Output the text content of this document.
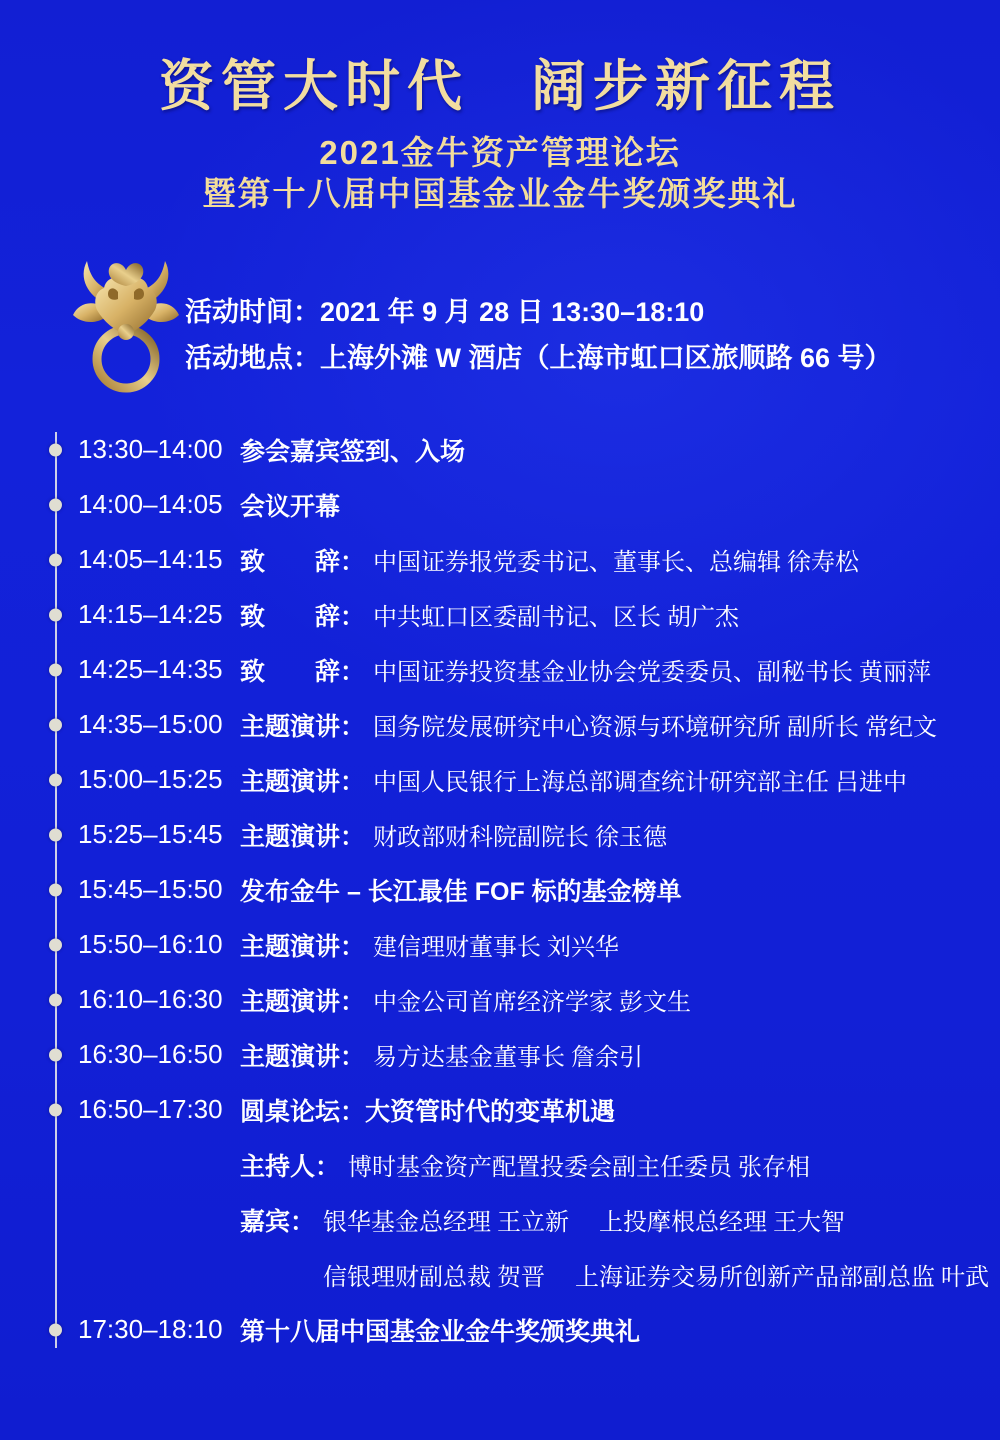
资管大时代　阔步新征程
2021金牛资产管理论坛
暨第十八届中国基金业金牛奖颁奖典礼
活动时间：2021 年 9 月 28 日 13:30–18:10
活动地点：上海外滩 W 酒店（上海市虹口区旅顺路 66 号）
13:30–14:00 参会嘉宾签到、入场
14:00–14:05 会议开幕
14:05–14:15 致　　辞： 中国证券报党委书记、董事长、总编辑 徐寿松
14:15–14:25 致　　辞： 中共虹口区委副书记、区长 胡广杰
14:25–14:35 致　　辞： 中国证券投资基金业协会党委委员、副秘书长 黄丽萍
14:35–15:00 主题演讲： 国务院发展研究中心资源与环境研究所 副所长 常纪文
15:00–15:25 主题演讲： 中国人民银行上海总部调查统计研究部主任 吕进中
15:25–15:45 主题演讲： 财政部财科院副院长 徐玉德
15:45–15:50 发布金牛 – 长江最佳 FOF 标的基金榜单
15:50–16:10 主题演讲： 建信理财董事长 刘兴华
16:10–16:30 主题演讲： 中金公司首席经济学家 彭文生
16:30–16:50 主题演讲： 易方达基金董事长 詹余引
16:50–17:30 圆桌论坛：大资管时代的变革机遇
主持人： 博时基金资产配置投委会副主任委员 张存相
嘉宾： 银华基金总经理 王立新　 上投摩根总经理 王大智
信银理财副总裁 贺晋　 上海证券交易所创新产品部副总监 叶武
17:30–18:10 第十八届中国基金业金牛奖颁奖典礼
